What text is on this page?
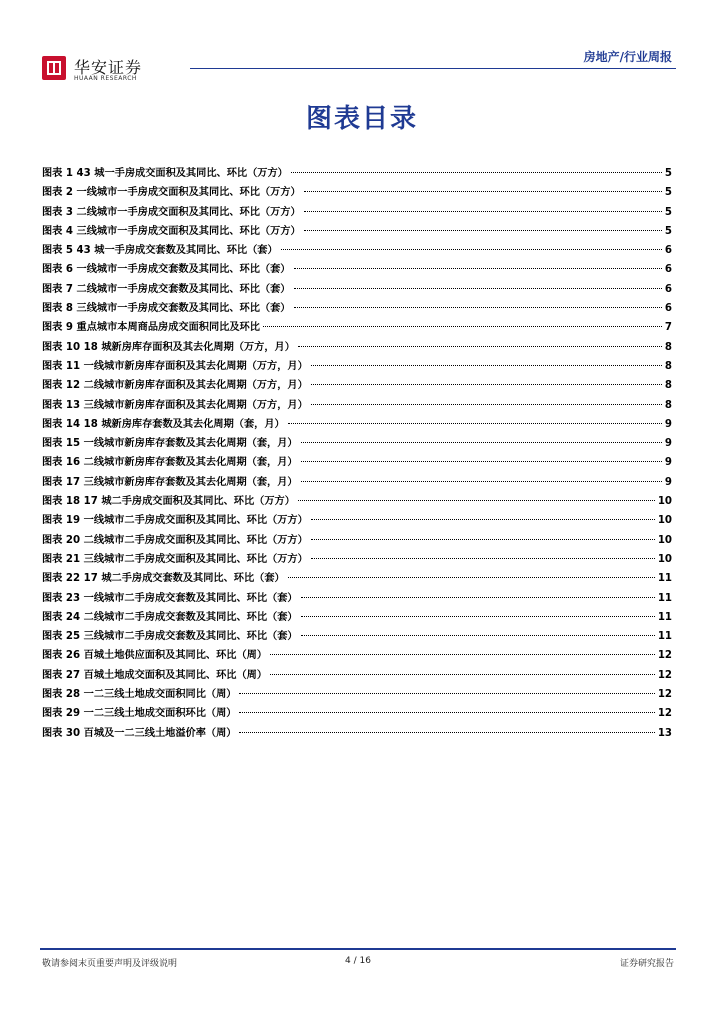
华安证券
HUAAN RESEARCH
房地产/行业周报
图表目录
图表 1 43 城一手房成交面积及其同比、环比（万方）	5
图表 2 一线城市一手房成交面积及其同比、环比（万方）	5
图表 3 二线城市一手房成交面积及其同比、环比（万方）	5
图表 4 三线城市一手房成交面积及其同比、环比（万方）	5
图表 5 43 城一手房成交套数及其同比、环比（套）	6
图表 6 一线城市一手房成交套数及其同比、环比（套）	6
图表 7 二线城市一手房成交套数及其同比、环比（套）	6
图表 8 三线城市一手房成交套数及其同比、环比（套）	6
图表 9 重点城市本周商品房成交面积同比及环比	7
图表 10 18 城新房库存面积及其去化周期（万方，月）	8
图表 11 一线城市新房库存面积及其去化周期（万方，月）	8
图表 12 二线城市新房库存面积及其去化周期（万方，月）	8
图表 13 三线城市新房库存面积及其去化周期（万方，月）	8
图表 14 18 城新房库存套数及其去化周期（套，月）	9
图表 15 一线城市新房库存套数及其去化周期（套，月）	9
图表 16 二线城市新房库存套数及其去化周期（套，月）	9
图表 17 三线城市新房库存套数及其去化周期（套，月）	9
图表 18 17 城二手房成交面积及其同比、环比（万方）	10
图表 19 一线城市二手房成交面积及其同比、环比（万方）	10
图表 20 二线城市二手房成交面积及其同比、环比（万方）	10
图表 21 三线城市二手房成交面积及其同比、环比（万方）	10
图表 22 17 城二手房成交套数及其同比、环比（套）	11
图表 23 一线城市二手房成交套数及其同比、环比（套）	11
图表 24 二线城市二手房成交套数及其同比、环比（套）	11
图表 25 三线城市二手房成交套数及其同比、环比（套）	11
图表 26 百城土地供应面积及其同比、环比（周）	12
图表 27 百城土地成交面积及其同比、环比（周）	12
图表 28 一二三线土地成交面积同比（周）	12
图表 29 一二三线土地成交面积环比（周）	12
图表 30 百城及一二三线土地溢价率（周）	13
敬请参阅末页重要声明及评级说明	4 / 16	证券研究报告
